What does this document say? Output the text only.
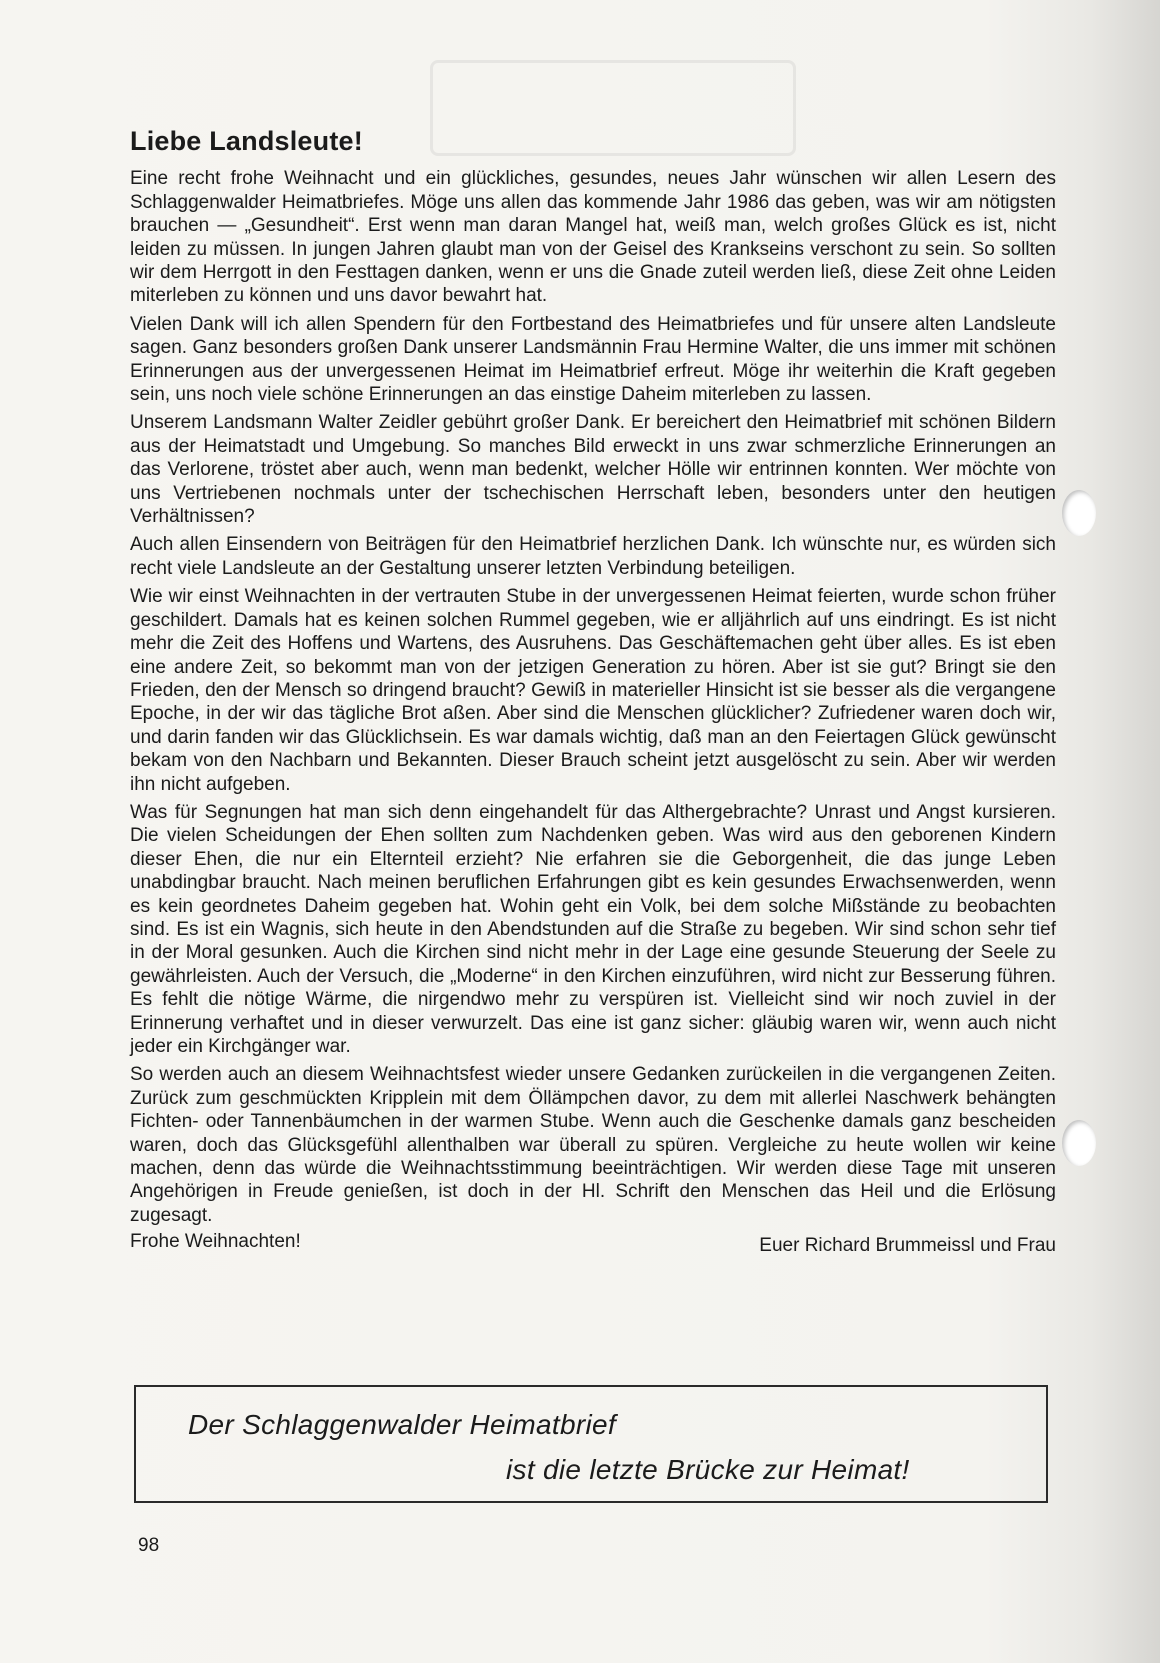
Liebe Landsleute!

Eine recht frohe Weihnacht und ein glückliches, gesundes, neues Jahr wünschen wir allen Lesern des Schlaggenwalder Heimatbriefes. Möge uns allen das kommende Jahr 1986 das geben, was wir am nötigsten brauchen — „Gesundheit“. Erst wenn man daran Mangel hat, weiß man, welch großes Glück es ist, nicht leiden zu müssen. In jungen Jahren glaubt man von der Geisel des Krankseins verschont zu sein. So sollten wir dem Herrgott in den Festtagen danken, wenn er uns die Gnade zuteil werden ließ, diese Zeit ohne Leiden miterleben zu können und uns davor bewahrt hat.

Vielen Dank will ich allen Spendern für den Fortbestand des Heimatbriefes und für unsere alten Landsleute sagen. Ganz besonders großen Dank unserer Landsmännin Frau Hermine Walter, die uns immer mit schönen Erinnerungen aus der unvergessenen Heimat im Heimatbrief erfreut. Möge ihr weiterhin die Kraft gegeben sein, uns noch viele schöne Erinnerungen an das einstige Daheim miterleben zu lassen.

Unserem Landsmann Walter Zeidler gebührt großer Dank. Er bereichert den Heimatbrief mit schönen Bildern aus der Heimatstadt und Umgebung. So manches Bild erweckt in uns zwar schmerzliche Erinnerungen an das Verlorene, tröstet aber auch, wenn man bedenkt, welcher Hölle wir entrinnen konnten. Wer möchte von uns Vertriebenen nochmals unter der tschechischen Herrschaft leben, besonders unter den heutigen Verhältnissen?

Auch allen Einsendern von Beiträgen für den Heimatbrief herzlichen Dank. Ich wünschte nur, es würden sich recht viele Landsleute an der Gestaltung unserer letzten Verbindung beteiligen.

Wie wir einst Weihnachten in der vertrauten Stube in der unvergessenen Heimat feierten, wurde schon früher geschildert. Damals hat es keinen solchen Rummel gegeben, wie er alljährlich auf uns eindringt. Es ist nicht mehr die Zeit des Hoffens und Wartens, des Ausruhens. Das Geschäftemachen geht über alles. Es ist eben eine andere Zeit, so bekommt man von der jetzigen Generation zu hören. Aber ist sie gut? Bringt sie den Frieden, den der Mensch so dringend braucht? Gewiß in materieller Hinsicht ist sie besser als die vergangene Epoche, in der wir das tägliche Brot aßen. Aber sind die Menschen glücklicher? Zufriedener waren doch wir, und darin fanden wir das Glücklichsein. Es war damals wichtig, daß man an den Feiertagen Glück gewünscht bekam von den Nachbarn und Bekannten. Dieser Brauch scheint jetzt ausgelöscht zu sein. Aber wir werden ihn nicht aufgeben.

Was für Segnungen hat man sich denn eingehandelt für das Althergebrachte? Unrast und Angst kursieren. Die vielen Scheidungen der Ehen sollten zum Nachdenken geben. Was wird aus den geborenen Kindern dieser Ehen, die nur ein Elternteil erzieht? Nie erfahren sie die Geborgenheit, die das junge Leben unabdingbar braucht. Nach meinen beruflichen Erfahrungen gibt es kein gesundes Erwachsenwerden, wenn es kein geordnetes Daheim gegeben hat. Wohin geht ein Volk, bei dem solche Mißstände zu beobachten sind. Es ist ein Wagnis, sich heute in den Abendstunden auf die Straße zu begeben. Wir sind schon sehr tief in der Moral gesunken. Auch die Kirchen sind nicht mehr in der Lage eine gesunde Steuerung der Seele zu gewährleisten. Auch der Versuch, die „Moderne“ in den Kirchen einzuführen, wird nicht zur Besserung führen. Es fehlt die nötige Wärme, die nirgendwo mehr zu verspüren ist. Vielleicht sind wir noch zuviel in der Erinnerung verhaftet und in dieser verwurzelt. Das eine ist ganz sicher: gläubig waren wir, wenn auch nicht jeder ein Kirchgänger war.

So werden auch an diesem Weihnachtsfest wieder unsere Gedanken zurückeilen in die vergangenen Zeiten. Zurück zum geschmückten Kripplein mit dem Öllämpchen davor, zu dem mit allerlei Naschwerk behängten Fichten- oder Tannenbäumchen in der warmen Stube. Wenn auch die Geschenke damals ganz bescheiden waren, doch das Glücksgefühl allenthalben war überall zu spüren. Vergleiche zu heute wollen wir keine machen, denn das würde die Weihnachtsstimmung beeinträchtigen. Wir werden diese Tage mit unseren Angehörigen in Freude genießen, ist doch in der Hl. Schrift den Menschen das Heil und die Erlösung zugesagt.

Frohe Weihnachten!	Euer Richard Brummeissl und Frau
Der Schlaggenwalder Heimatbrief
ist die letzte Brücke zur Heimat!
98
